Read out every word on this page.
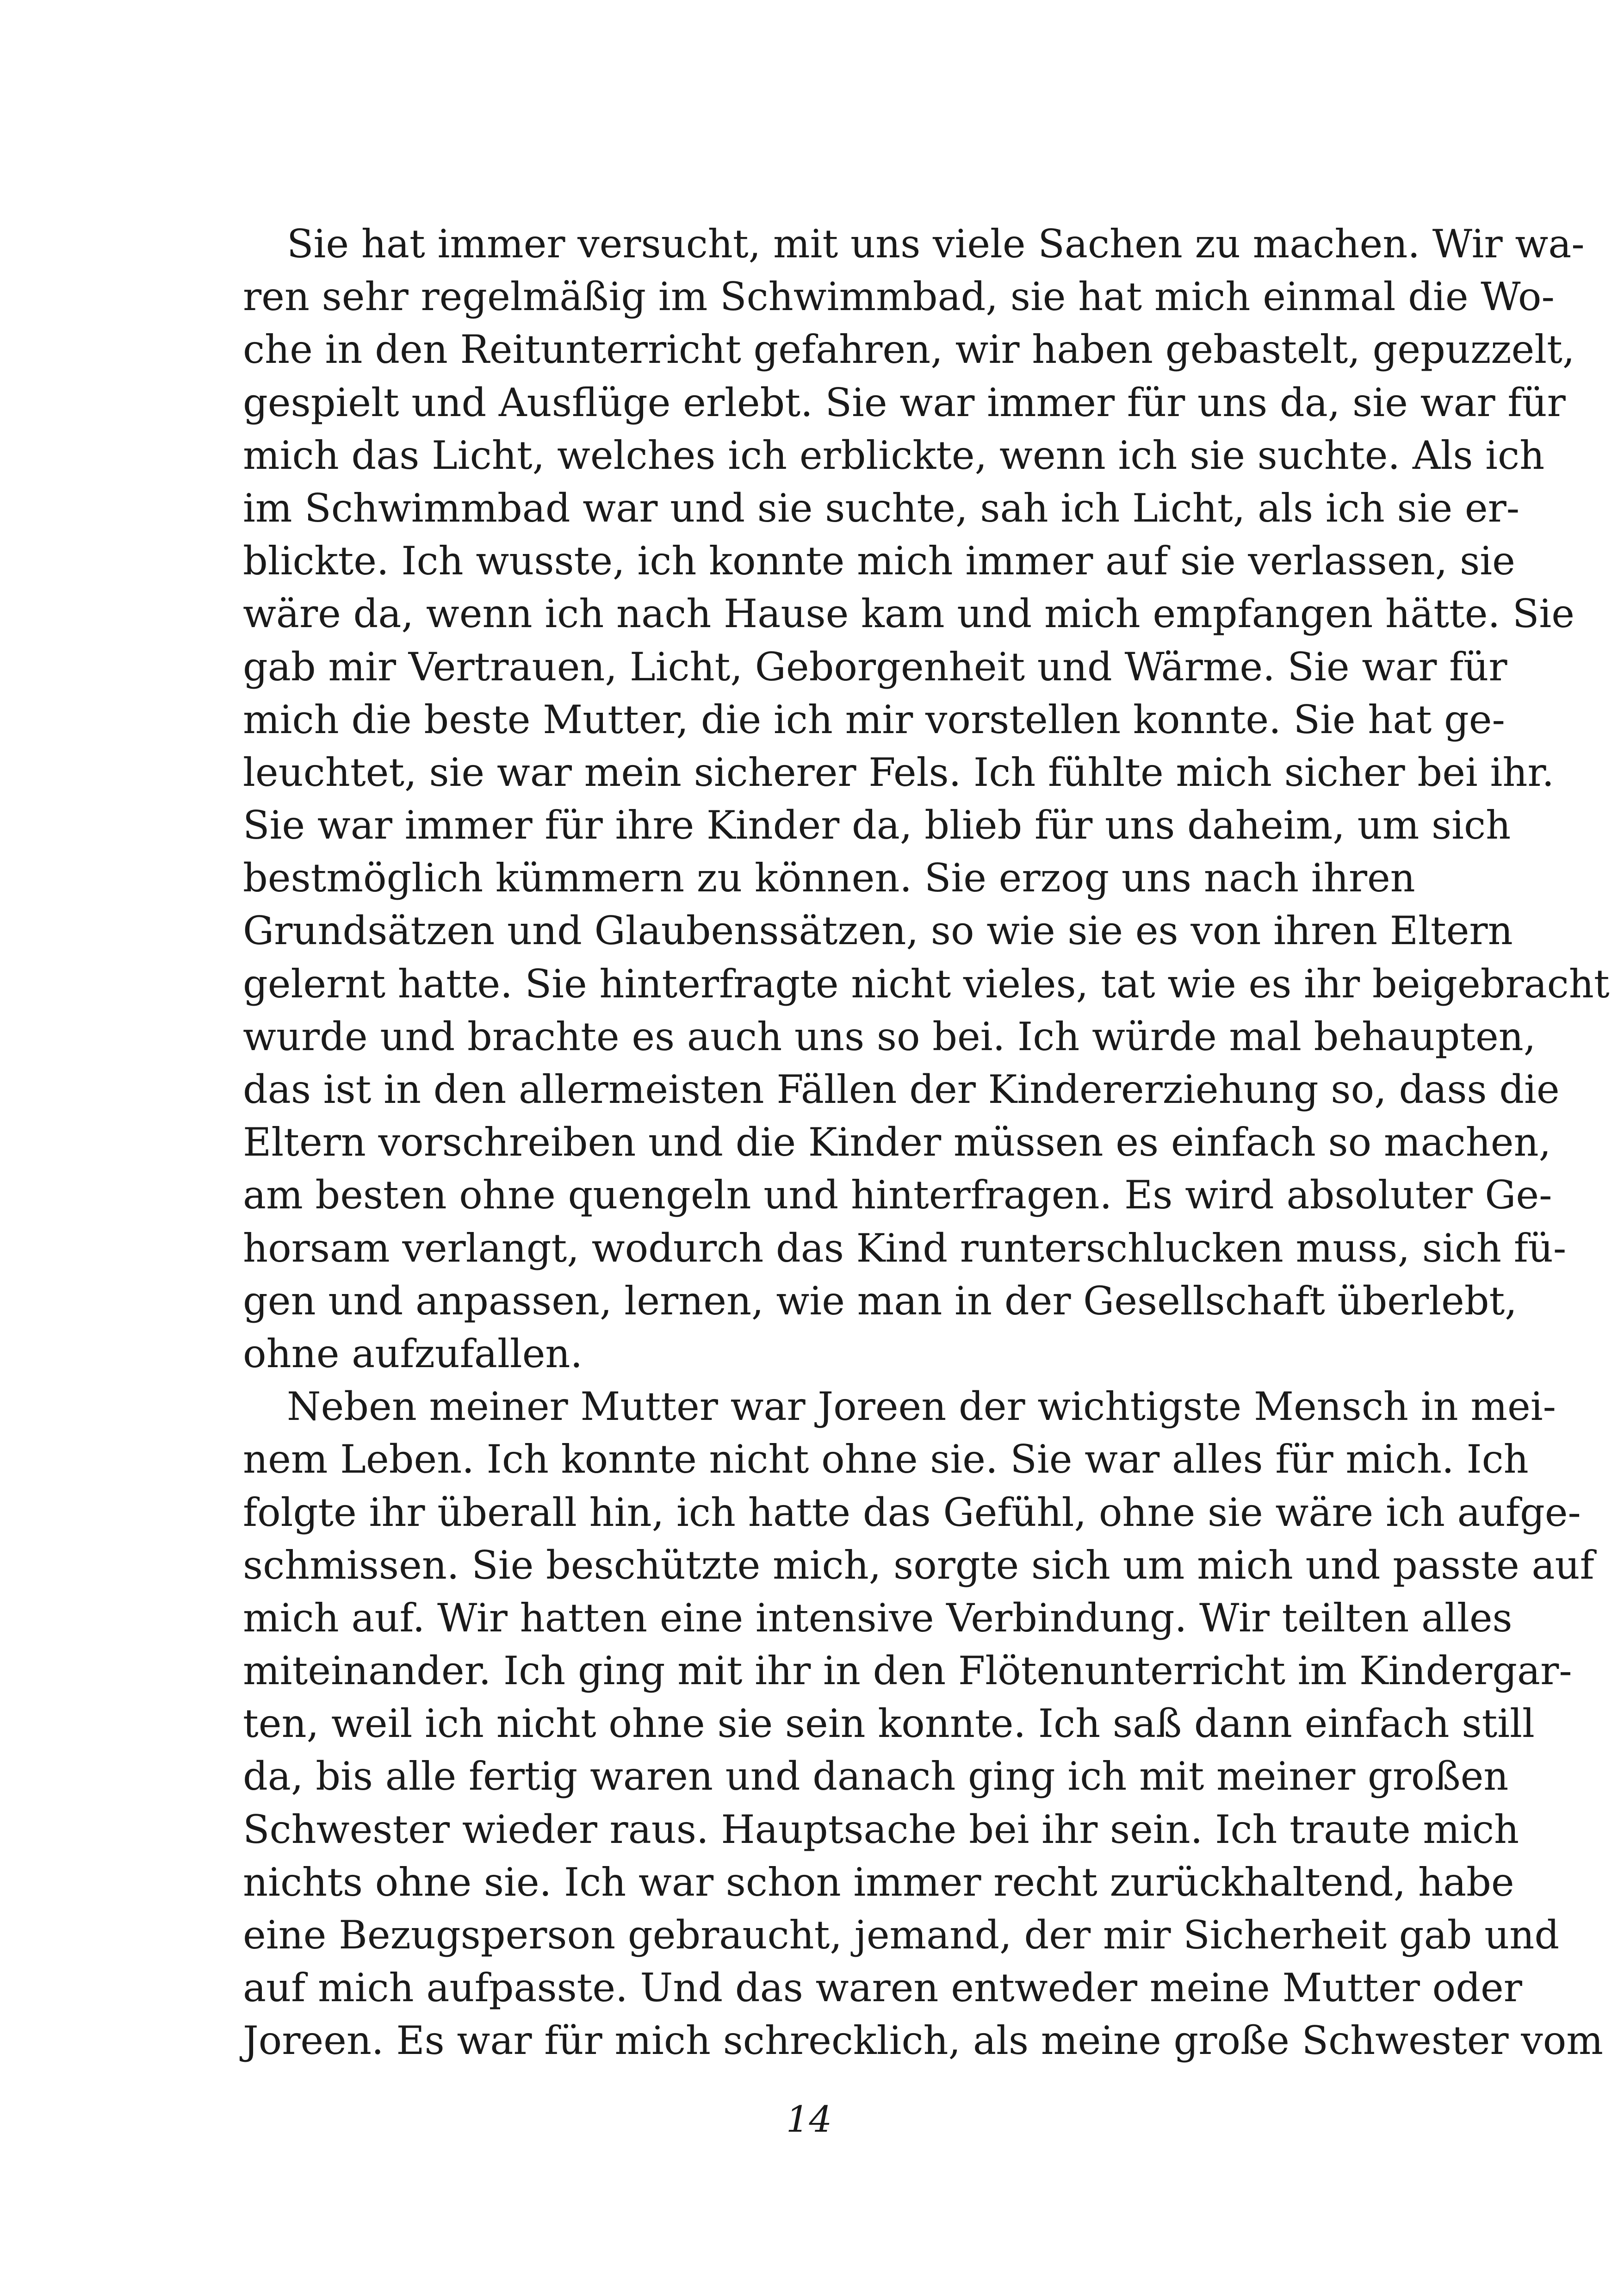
Sie hat immer versucht, mit uns viele Sachen zu machen. Wir wa-
ren sehr regelmäßig im Schwimmbad, sie hat mich einmal die Wo-
che in den Reitunterricht gefahren, wir haben gebastelt, gepuzzelt,
gespielt und Ausflüge erlebt. Sie war immer für uns da, sie war für
mich das Licht, welches ich erblickte, wenn ich sie suchte. Als ich
im Schwimmbad war und sie suchte, sah ich Licht, als ich sie er-
blickte. Ich wusste, ich konnte mich immer auf sie verlassen, sie
wäre da, wenn ich nach Hause kam und mich empfangen hätte. Sie
gab mir Vertrauen, Licht, Geborgenheit und Wärme. Sie war für
mich die beste Mutter, die ich mir vorstellen konnte. Sie hat ge-
leuchtet, sie war mein sicherer Fels. Ich fühlte mich sicher bei ihr.
Sie war immer für ihre Kinder da, blieb für uns daheim, um sich
bestmöglich kümmern zu können. Sie erzog uns nach ihren
Grundsätzen und Glaubenssätzen, so wie sie es von ihren Eltern
gelernt hatte. Sie hinterfragte nicht vieles, tat wie es ihr beigebracht
wurde und brachte es auch uns so bei. Ich würde mal behaupten,
das ist in den allermeisten Fällen der Kindererziehung so, dass die
Eltern vorschreiben und die Kinder müssen es einfach so machen,
am besten ohne quengeln und hinterfragen. Es wird absoluter Ge-
horsam verlangt, wodurch das Kind runterschlucken muss, sich fü-
gen und anpassen, lernen, wie man in der Gesellschaft überlebt,
ohne aufzufallen.
Neben meiner Mutter war Joreen der wichtigste Mensch in mei-
nem Leben. Ich konnte nicht ohne sie. Sie war alles für mich. Ich
folgte ihr überall hin, ich hatte das Gefühl, ohne sie wäre ich aufge-
schmissen. Sie beschützte mich, sorgte sich um mich und passte auf
mich auf. Wir hatten eine intensive Verbindung. Wir teilten alles
miteinander. Ich ging mit ihr in den Flötenunterricht im Kindergar-
ten, weil ich nicht ohne sie sein konnte. Ich saß dann einfach still
da, bis alle fertig waren und danach ging ich mit meiner großen
Schwester wieder raus. Hauptsache bei ihr sein. Ich traute mich
nichts ohne sie. Ich war schon immer recht zurückhaltend, habe
eine Bezugsperson gebraucht, jemand, der mir Sicherheit gab und
auf mich aufpasste. Und das waren entweder meine Mutter oder
Joreen. Es war für mich schrecklich, als meine große Schwester vom
14
